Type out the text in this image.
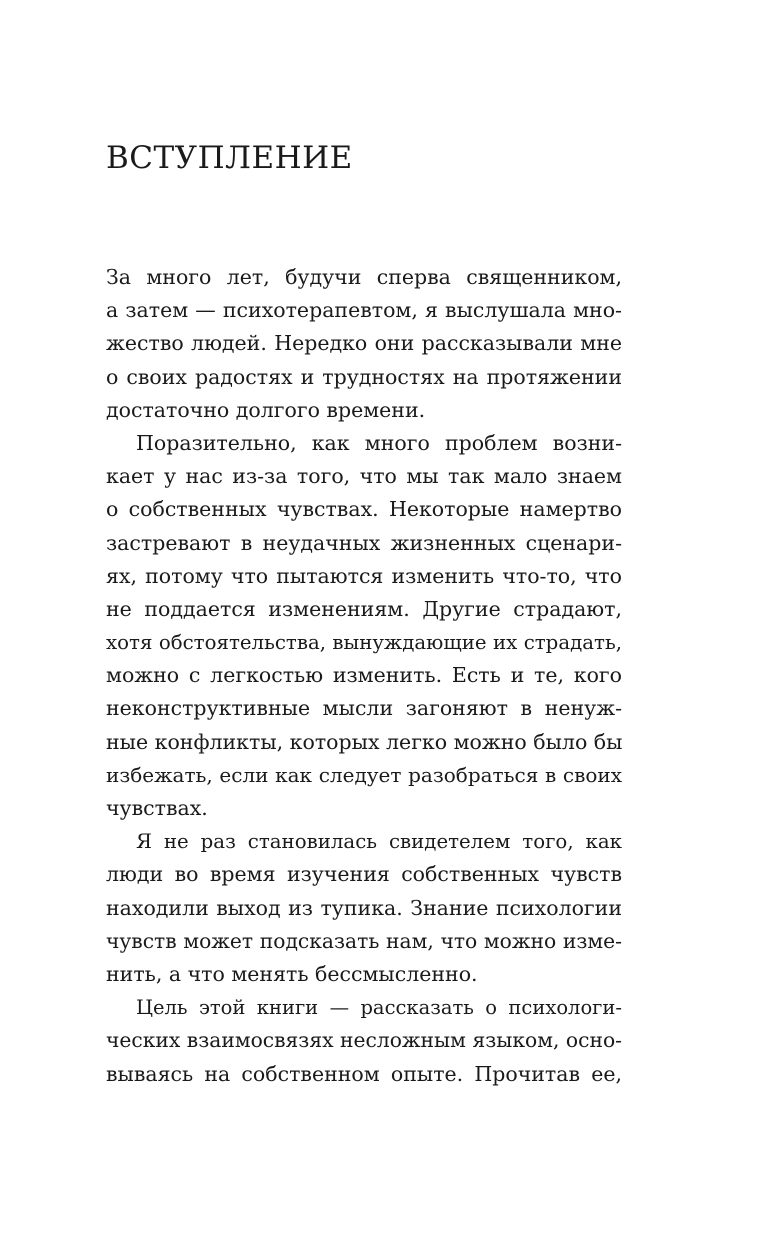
ВСТУПЛЕНИЕ
За много лет, будучи сперва священником,
а затем — психотерапевтом, я выслушала мно-
жество людей. Нередко они рассказывали мне
о своих радостях и трудностях на протяжении
достаточно долгого времени.
Поразительно, как много проблем возни-
кает у нас из-за того, что мы так мало знаем
о собственных чувствах. Некоторые намертво
застревают в неудачных жизненных сценари-
ях, потому что пытаются изменить что-то, что
не поддается изменениям. Другие страдают,
хотя обстоятельства, вынуждающие их страдать,
можно с легкостью изменить. Есть и те, кого
неконструктивные мысли загоняют в ненуж-
ные конфликты, которых легко можно было бы
избежать, если как следует разобраться в своих
чувствах.
Я не раз становилась свидетелем того, как
люди во время изучения собственных чувств
находили выход из тупика. Знание психологии
чувств может подсказать нам, что можно изме-
нить, а что менять бессмысленно.
Цель этой книги — рассказать о психологи-
ческих взаимосвязях несложным языком, осно-
вываясь на собственном опыте. Прочитав ее,
